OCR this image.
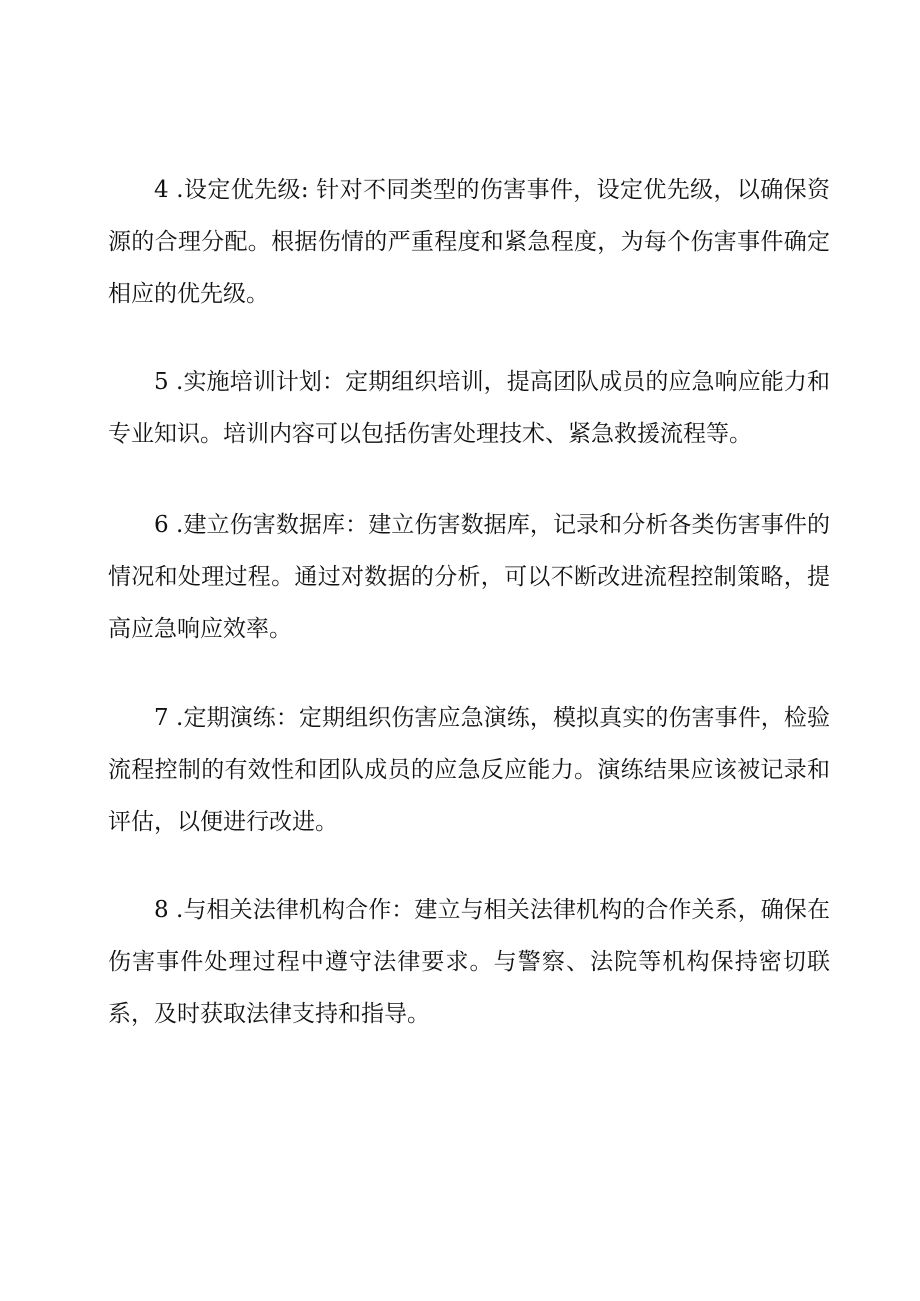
4 .设定优先级: 针对不同类型的伤害事件，设定优先级，以确保资源的合理分配。根据伤情的严重程度和紧急程度，为每个伤害事件确定相应的优先级。

5 .实施培训计划：定期组织培训，提高团队成员的应急响应能力和专业知识。培训内容可以包括伤害处理技术、紧急救援流程等。

6 .建立伤害数据库：建立伤害数据库，记录和分析各类伤害事件的情况和处理过程。通过对数据的分析，可以不断改进流程控制策略，提高应急响应效率。

7 .定期演练：定期组织伤害应急演练，模拟真实的伤害事件，检验流程控制的有效性和团队成员的应急反应能力。演练结果应该被记录和评估，以便进行改进。

8 .与相关法律机构合作：建立与相关法律机构的合作关系，确保在伤害事件处理过程中遵守法律要求。与警察、法院等机构保持密切联系，及时获取法律支持和指导。
